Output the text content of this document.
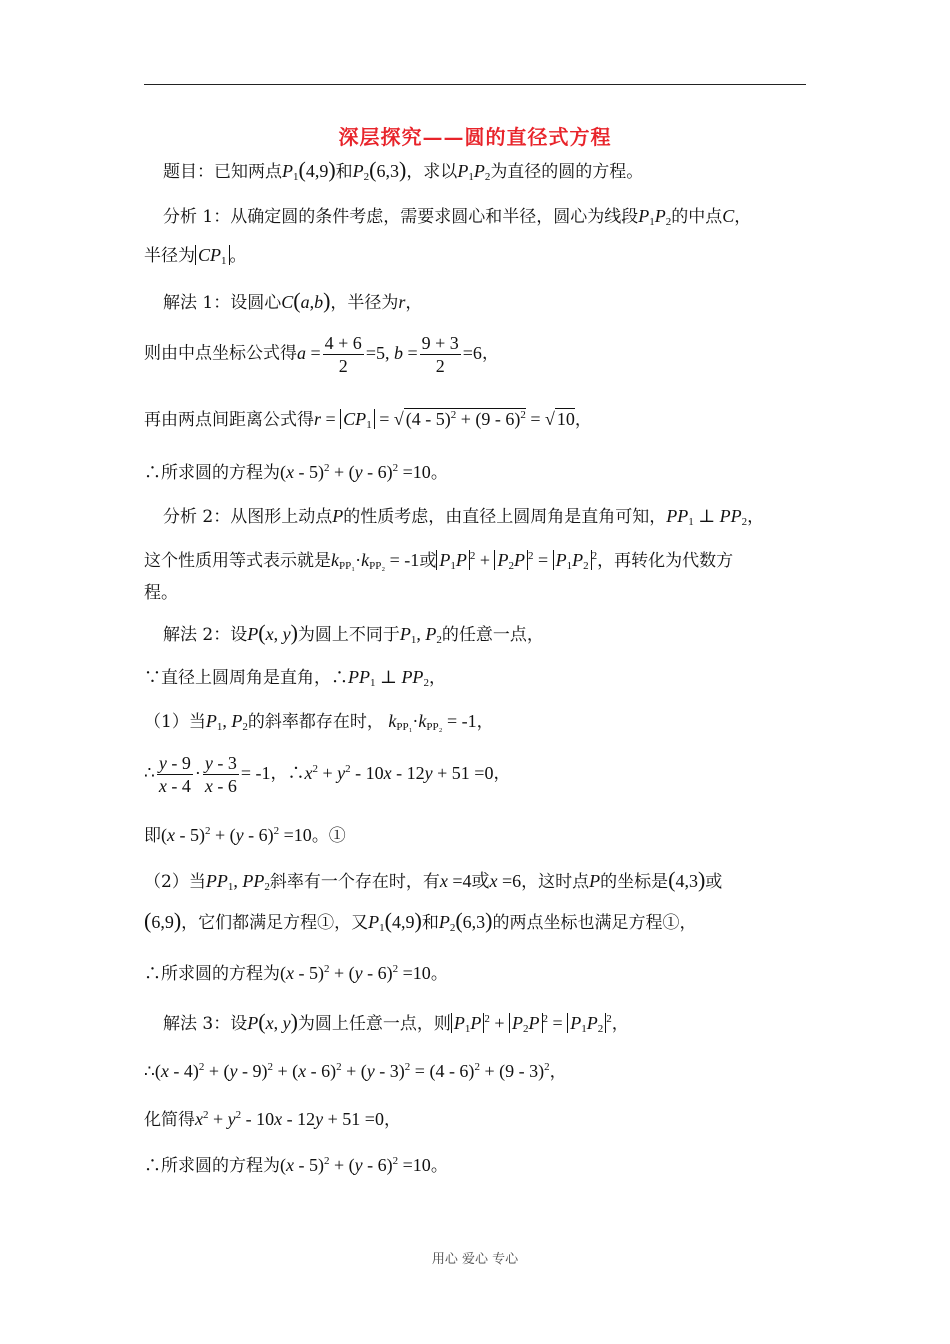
深层探究——圆的直径式方程
题目：已知两点$P_1(4,9)$和$P_2(6,3)$，求以$P_1P_2$为直径的圆的方程。
分析 1：从确定圆的条件考虑，需要求圆心和半径，圆心为线段$P_1P_2$的中点C，
半径为 $CP_1$ 。
解法 1：设圆心C(a,b)，半径为r，
则由中点坐标公式得$a = \frac{4 + 6}{2} =5$, $b = \frac{9 + 3}{2} =6$，
再由两点间距离公式得$r = CP_1$ = √ (4 - 5)$^2$ + (9 - 6)$^2$ = √ 10，
∴所求圆的方程为(x - 5)$^2$ + (y - 6)$^2$ =10。
分析 2：从图形上动点P的性质考虑，由直径上圆周角是直角可知，$PP_1$ ⊥ $PP_2$，
这个性质用等式表示就是$k_{PP_1}\cdot k_{PP_2} = -1$或 $P_1P$ $^2 + P_2P$ $^2 = P_1P_2^2$，再转化为代数方
程。
解法 2：设P(x, y)为圆上不同于$P_1$, $P_2$的任意一点，
∵直径上圆周角是直角，$\therefore PP_1$ ⊥ $PP_2$，
（1）当$P_1$, $P_2$的斜率都存在时， $k_{PP_1}\cdot k_{PP_2} = -1$，
∴ $\frac{y - 9}{x - 4} \cdot \frac{y - 3}{x - 6} = -1$，$\therefore x^2 + y^2 - 10x - 12y + 51 =0$，
即(x - 5)$^2$ + (y - 6)$^2$ =10。①
（2）当$PP_1$, $PP_2$斜率有一个存在时，有x =4或x =6，这时点P的坐标是(4,3)或
(6,9)，它们都满足方程①，又$P_1(4,9)$和$P_2(6,3)$的两点坐标也满足方程①，
∴所求圆的方程为(x - 5)$^2$ + (y - 6)$^2$ =10。
解法 3：设P(x, y)为圆上任意一点，则 $P_1P$ $^2 + P_2P$ $^2 = P_1P_2^2$，
∴(x - 4)$^2$ + (y - 9)$^2$ + (x - 6)$^2$ + (y - 3)$^2$ = (4 - 6)$^2$ + (9 - 3)$^2$，
化简得$x^2 + y^2 - 10x - 12y + 51 =0$，
∴所求圆的方程为(x - 5)$^2$ + (y - 6)$^2$ =10。
用心 爱心 专心
